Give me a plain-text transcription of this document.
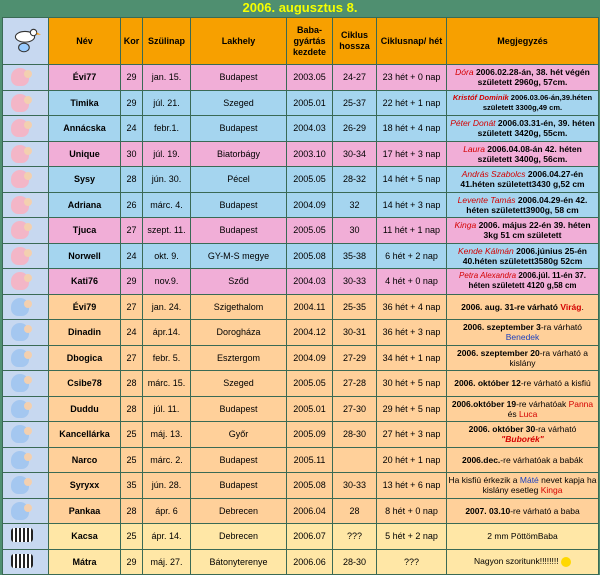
2006. augusztus 8.
	Név	Kor	Szülinap	Lakhely	Baba-gyártás kezdete	Ciklus hossza	Ciklusnap/ hét	Megjegyzés

	Évi77	29	jan. 15.	Budapest	2003.05	24-27	23 hét + 0 nap	Dóra 2006.02.28-án, 38. hét végén született 2960g, 57cm.

	Timika	29	júl. 21.	Szeged	2005.01	25-37	22 hét + 1 nap	Kristóf Dominik 2006.03.06-án,39.héten született 3300g,49 cm.

	Annácska	24	febr.1.	Budapest	2004.03	26-29	18 hét + 4 nap	Péter Donát 2006.03.31-én, 39. héten született 3420g, 55cm.

	Unique	30	júl. 19.	Biatorbágy	2003.10	30-34	17 hét + 3 nap	Laura 2006.04.08-án 42. héten született 3400g, 56cm.

	Sysy	28	jún. 30.	Pécel	2005.05	28-32	14 hét + 5 nap	András Szabolcs 2006.04.27-én 41.héten született3430 g,52 cm

	Adriana	26	márc. 4.	Budapest	2004.09	32	14 hét + 3 nap	Levente Tamás 2006.04.29-én 42. héten született3900g, 58 cm

	Tjuca	27	szept. 11.	Budapest	2005.05	30	11 hét + 1 nap	Kinga 2006. május 22-én 39. héten 3kg 51 cm született

	Norwell	24	okt. 9.	GY-M-S megye	2005.08	35-38	6 hét + 2 nap	Kende Kálmán 2006.június 25-én 40.héten született3580g 52cm

	Kati76	29	nov.9.	Sződ	2004.03	30-33	4 hét + 0 nap	Petra Alexandra 2006.júl. 11-én 37. héten született 4120 g,58 cm

	Évi79	27	jan. 24.	Szigethalom	2004.11	25-35	36 hét + 4 nap	2006. aug. 31-re várható Virág.

	Dinadin	24	ápr.14.	Dorogháza	2004.12	30-31	36 hét + 3 nap	2006. szeptember 3-ra várható Benedek

	Dbogica	27	febr. 5.	Esztergom	2004.09	27-29	34 hét + 1 nap	2006. szeptember 20-ra várható a kislány

	Csibe78	28	márc. 15.	Szeged	2005.05	27-28	30 hét + 5 nap	2006. október 12-re várható a kisfiú

	Duddu	28	júl. 11.	Budapest	2005.01	27-30	29 hét + 5 nap	2006.október 19-re várhatóak Panna és Luca

	Kancellárka	25	máj. 13.	Győr	2005.09	28-30	27 hét + 3 nap	2006. október 30-ra várható "Buborék"

	Narco	25	márc. 2.	Budapest	2005.11		20 hét + 1 nap	2006.dec.-re várhatóak a babák

	Syryxx	35	jún. 28.	Budapest	2005.08	30-33	13 hét + 6 nap	Ha kisfiú érkezik a Máté nevet kapja ha kislány esetleg Kinga

	Pankaa	28	ápr. 6	Debrecen	2006.04	28	8 hét + 0 nap	2007. 03.10-re várható a baba

	Kacsa	25	ápr. 14.	Debrecen	2006.07	???	5 hét + 2 nap	2 mm PöttömBaba

	Mátra	29	máj. 27.	Bátonyterenye	2006.06	28-30	???	Nagyon szoritunk!!!!!!!!
